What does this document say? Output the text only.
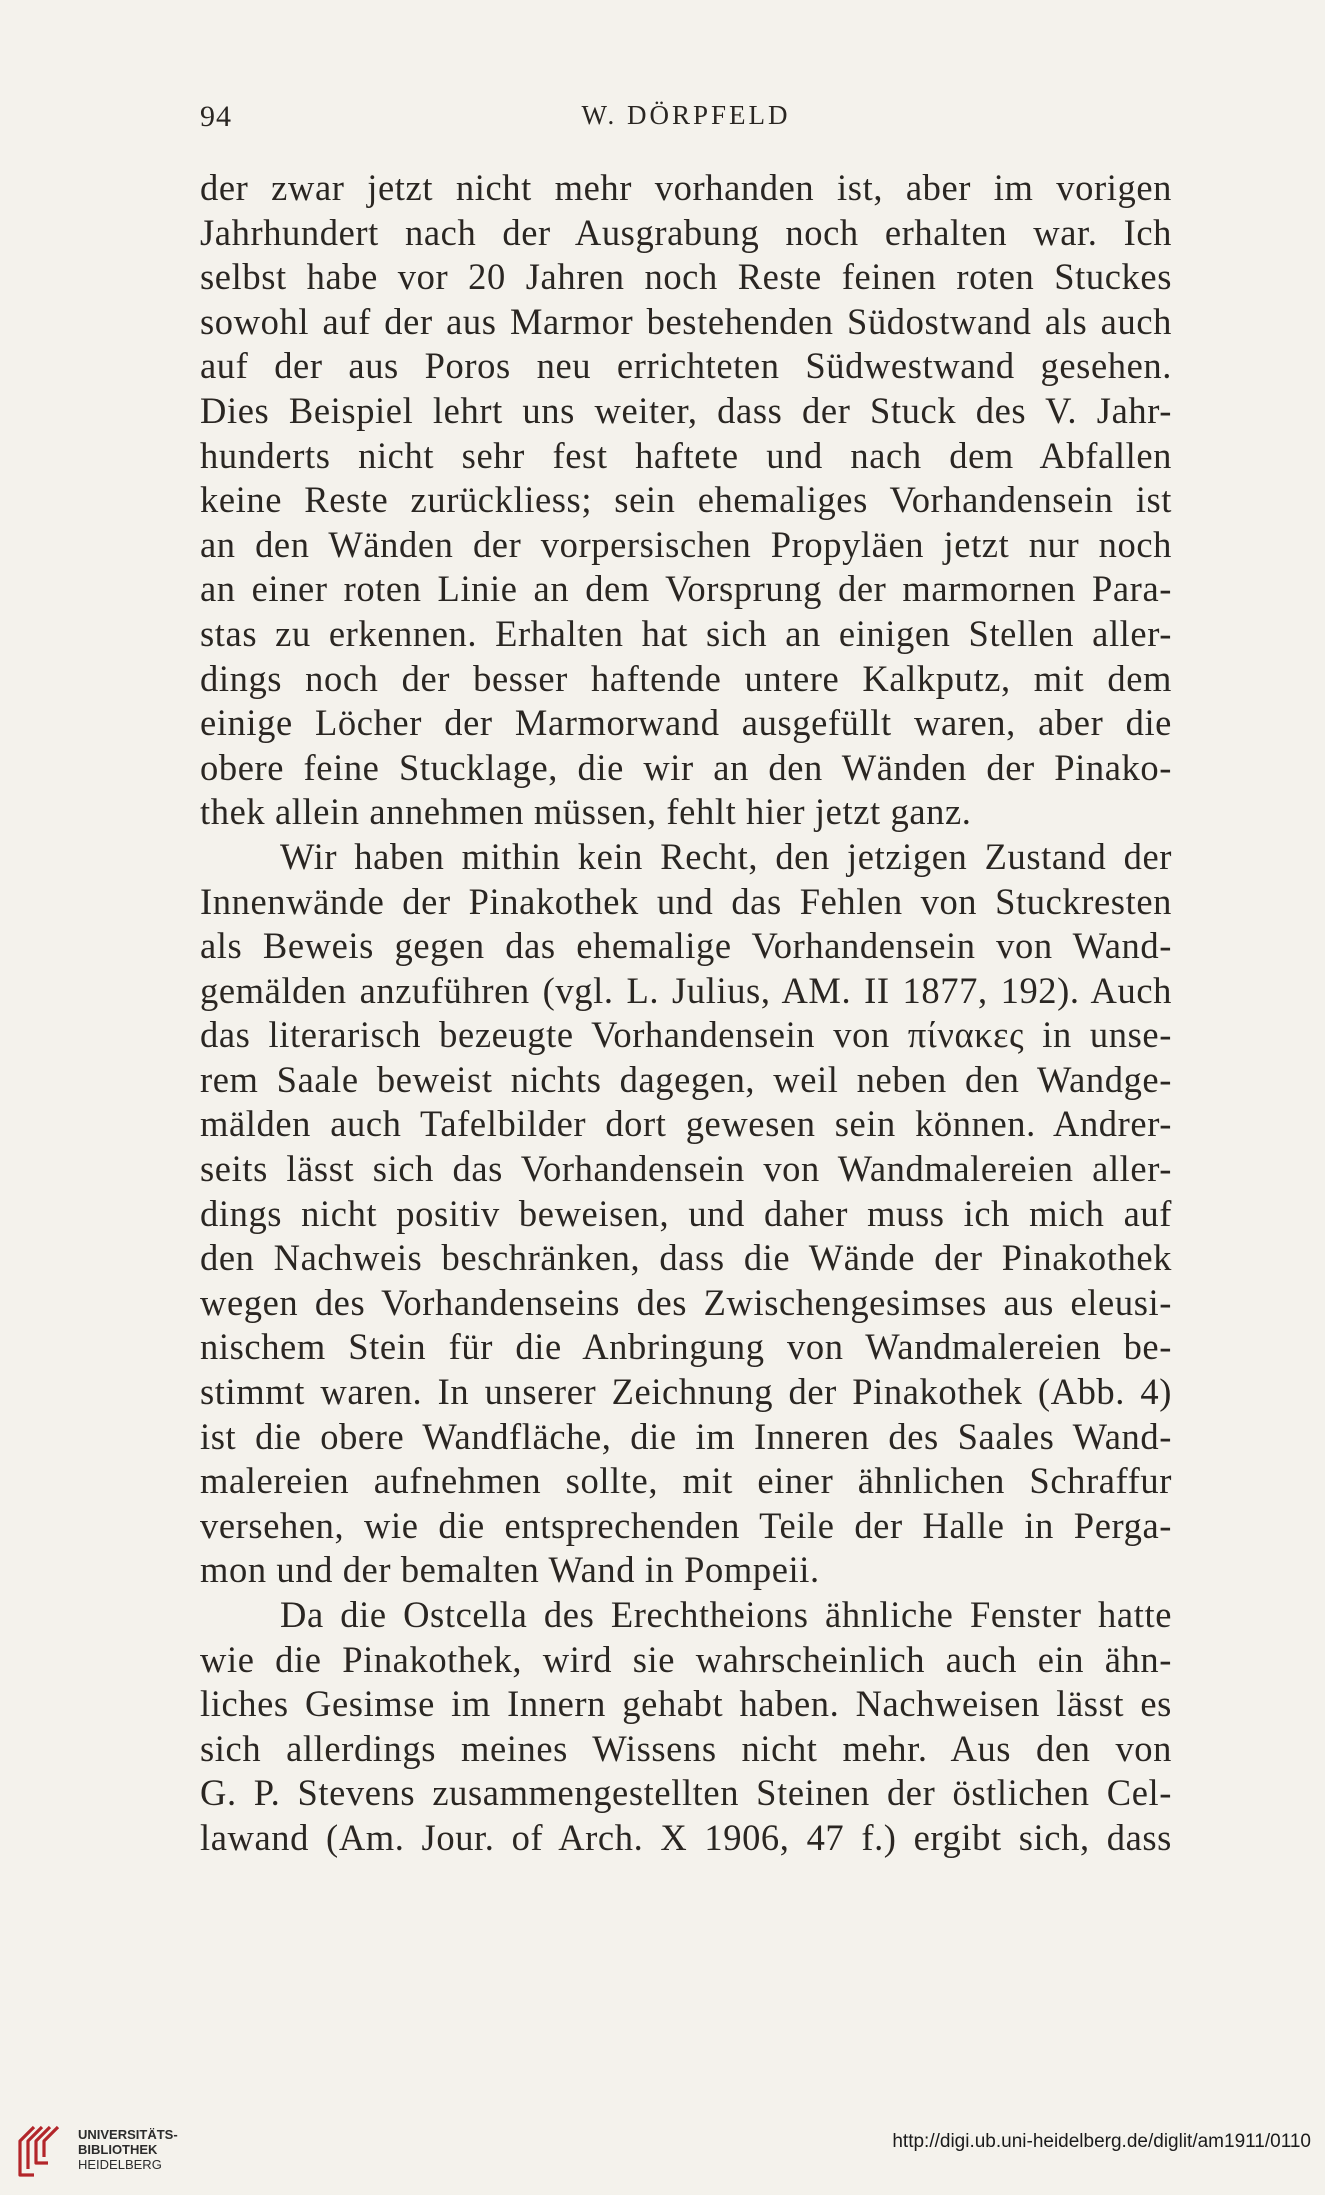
94	W. DÖRPFELD

der zwar jetzt nicht mehr vorhanden ist, aber im vorigen
Jahrhundert nach der Ausgrabung noch erhalten war. Ich
selbst habe vor 20 Jahren noch Reste feinen roten Stuckes
sowohl auf der aus Marmor bestehenden Südostwand als auch
auf der aus Poros neu errichteten Südwestwand gesehen.
Dies Beispiel lehrt uns weiter, dass der Stuck des V. Jahr-
hunderts nicht sehr fest haftete und nach dem Abfallen
keine Reste zurückliess; sein ehemaliges Vorhandensein ist
an den Wänden der vorpersischen Propyläen jetzt nur noch
an einer roten Linie an dem Vorsprung der marmornen Para-
stas zu erkennen. Erhalten hat sich an einigen Stellen aller-
dings noch der besser haftende untere Kalkputz, mit dem
einige Löcher der Marmorwand ausgefüllt waren, aber die
obere feine Stucklage, die wir an den Wänden der Pinako-
thek allein annehmen müssen, fehlt hier jetzt ganz.

Wir haben mithin kein Recht, den jetzigen Zustand der
Innenwände der Pinakothek und das Fehlen von Stuckresten
als Beweis gegen das ehemalige Vorhandensein von Wand-
gemälden anzuführen (vgl. L. Julius, AM. II 1877, 192). Auch
das literarisch bezeugte Vorhandensein von πίνακες in unse-
rem Saale beweist nichts dagegen, weil neben den Wandge-
mälden auch Tafelbilder dort gewesen sein können. Andrer-
seits lässt sich das Vorhandensein von Wandmalereien aller-
dings nicht positiv beweisen, und daher muss ich mich auf
den Nachweis beschränken, dass die Wände der Pinakothek
wegen des Vorhandenseins des Zwischengesimses aus eleusi-
nischem Stein für die Anbringung von Wandmalereien be-
stimmt waren. In unserer Zeichnung der Pinakothek (Abb. 4)
ist die obere Wandfläche, die im Inneren des Saales Wand-
malereien aufnehmen sollte, mit einer ähnlichen Schraffur
versehen, wie die entsprechenden Teile der Halle in Perga-
mon und der bemalten Wand in Pompeii.

Da die Ostcella des Erechtheions ähnliche Fenster hatte
wie die Pinakothek, wird sie wahrscheinlich auch ein ähn-
liches Gesimse im Innern gehabt haben. Nachweisen lässt es
sich allerdings meines Wissens nicht mehr. Aus den von
G. P. Stevens zusammengestellten Steinen der östlichen Cel-
lawand (Am. Jour. of Arch. X 1906, 47 f.) ergibt sich, dass

UNIVERSITÄTS-
BIBLIOTHEK
HEIDELBERG
http://digi.ub.uni-heidelberg.de/diglit/am1911/0110
